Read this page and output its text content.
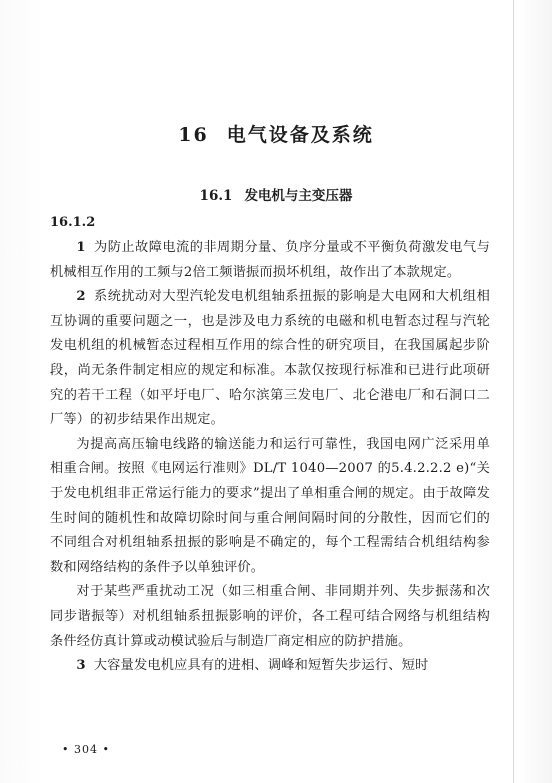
16 电气设备及系统
16.1 发电机与主变压器
16.1.2

1 为防止故障电流的非周期分量、负序分量或不平衡负荷激发电气与机械相互作用的工频与2倍工频谐振而损坏机组，故作出了本款规定。

2 系统扰动对大型汽轮发电机组轴系扭振的影响是大电网和大机组相互协调的重要问题之一，也是涉及电力系统的电磁和机电暂态过程与汽轮发电机组的机械暂态过程相互作用的综合性的研究项目，在我国属起步阶段，尚无条件制定相应的规定和标准。本款仅按现行标准和已进行此项研究的若干工程（如平圩电厂、哈尔滨第三发电厂、北仑港电厂和石洞口二厂等）的初步结果作出规定。

为提高高压输电线路的输送能力和运行可靠性，我国电网广泛采用单相重合闸。按照《电网运行准则》DL/T 1040—2007 的5.4.2.2.2 e)“关于发电机组非正常运行能力的要求”提出了单相重合闸的规定。由于故障发生时间的随机性和故障切除时间与重合闸间隔时间的分散性，因而它们的不同组合对机组轴系扭振的影响是不确定的，每个工程需结合机组结构参数和网络结构的条件予以单独评价。

对于某些严重扰动工况（如三相重合闸、非同期并列、失步振荡和次同步谐振等）对机组轴系扭振影响的评价，各工程可结合网络与机组结构条件经仿真计算或动模试验后与制造厂商定相应的防护措施。

3 大容量发电机应具有的进相、调峰和短暂失步运行、短时

• 304 •
